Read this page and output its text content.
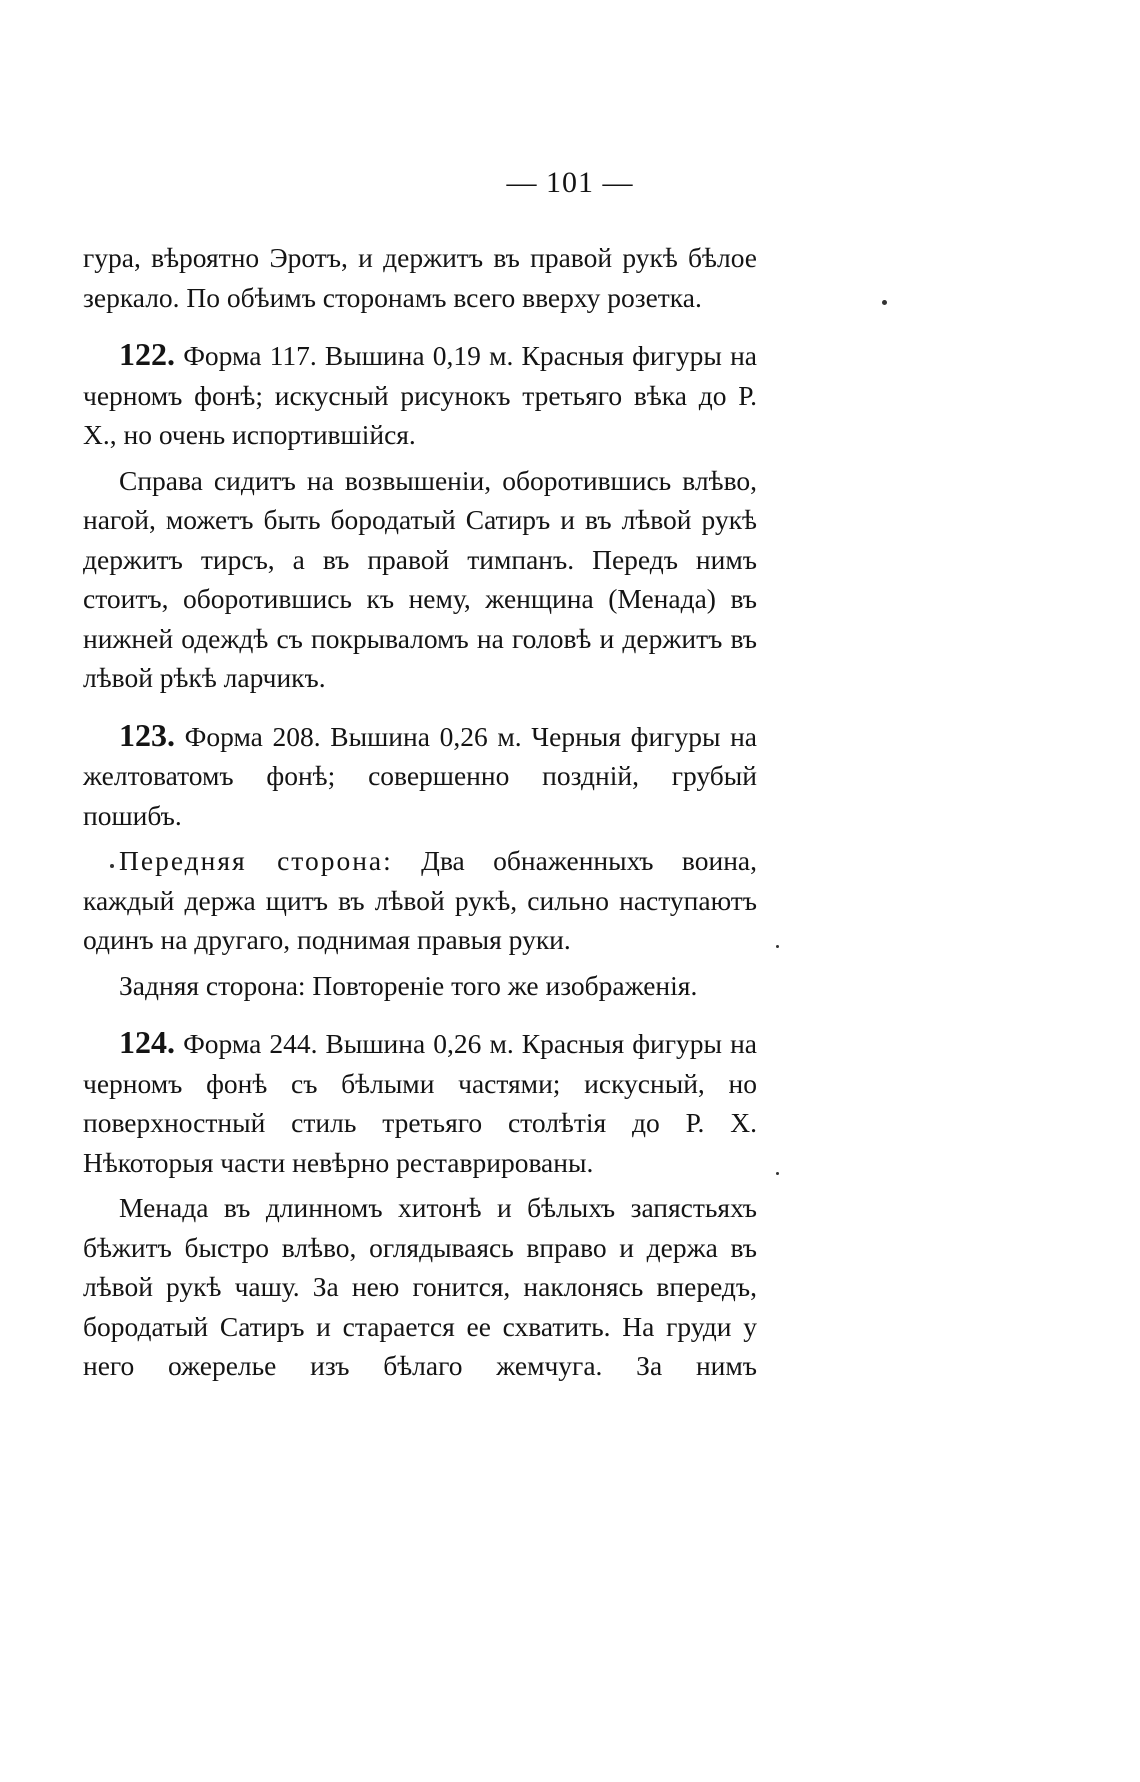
— 101 —

гура, вѣроятно Эротъ, и держитъ въ правой рукѣ бѣлое зеркало. По обѣимъ сторонамъ всего вверху розетка.

122. Форма 117. Вышина 0,19 м. Красныя фигуры на черномъ фонѣ; искусный рисунокъ третьяго вѣка до Р. Х., но очень испортившійся.

Справа сидитъ на возвышеніи, оборотившись влѣво, нагой, можетъ быть бородатый Сатиръ и въ лѣвой рукѣ держитъ тирсъ, а въ правой тимпанъ. Передъ нимъ стоитъ, оборотившись къ нему, женщина (Менада) въ нижней одеждѣ съ покрываломъ на головѣ и держитъ въ лѣвой рѣкѣ ларчикъ.

123. Форма 208. Вышина 0,26 м. Черныя фигуры на желтоватомъ фонѣ; совершенно поздній, грубый пошибъ.

Передняя сторона: Два обнаженныхъ воина, каждый держа щитъ въ лѣвой рукѣ, сильно наступаютъ одинъ на другаго, поднимая правыя руки.

Задняя сторона: Повтореніе того же изображенія.

124. Форма 244. Вышина 0,26 м. Красныя фигуры на черномъ фонѣ съ бѣлыми частями; искусный, но поверхностный стиль третьяго столѣтія до Р. Х. Нѣкоторыя части невѣрно реставрированы.

Менада въ длинномъ хитонѣ и бѣлыхъ запястьяхъ бѣжитъ быстро влѣво, оглядываясь вправо и держа въ лѣвой рукѣ чашу. За нею гонится, наклонясь впередъ, бородатый Сатиръ и старается ее схватить. На груди у него ожерелье изъ бѣлаго жемчуга. За нимъ
